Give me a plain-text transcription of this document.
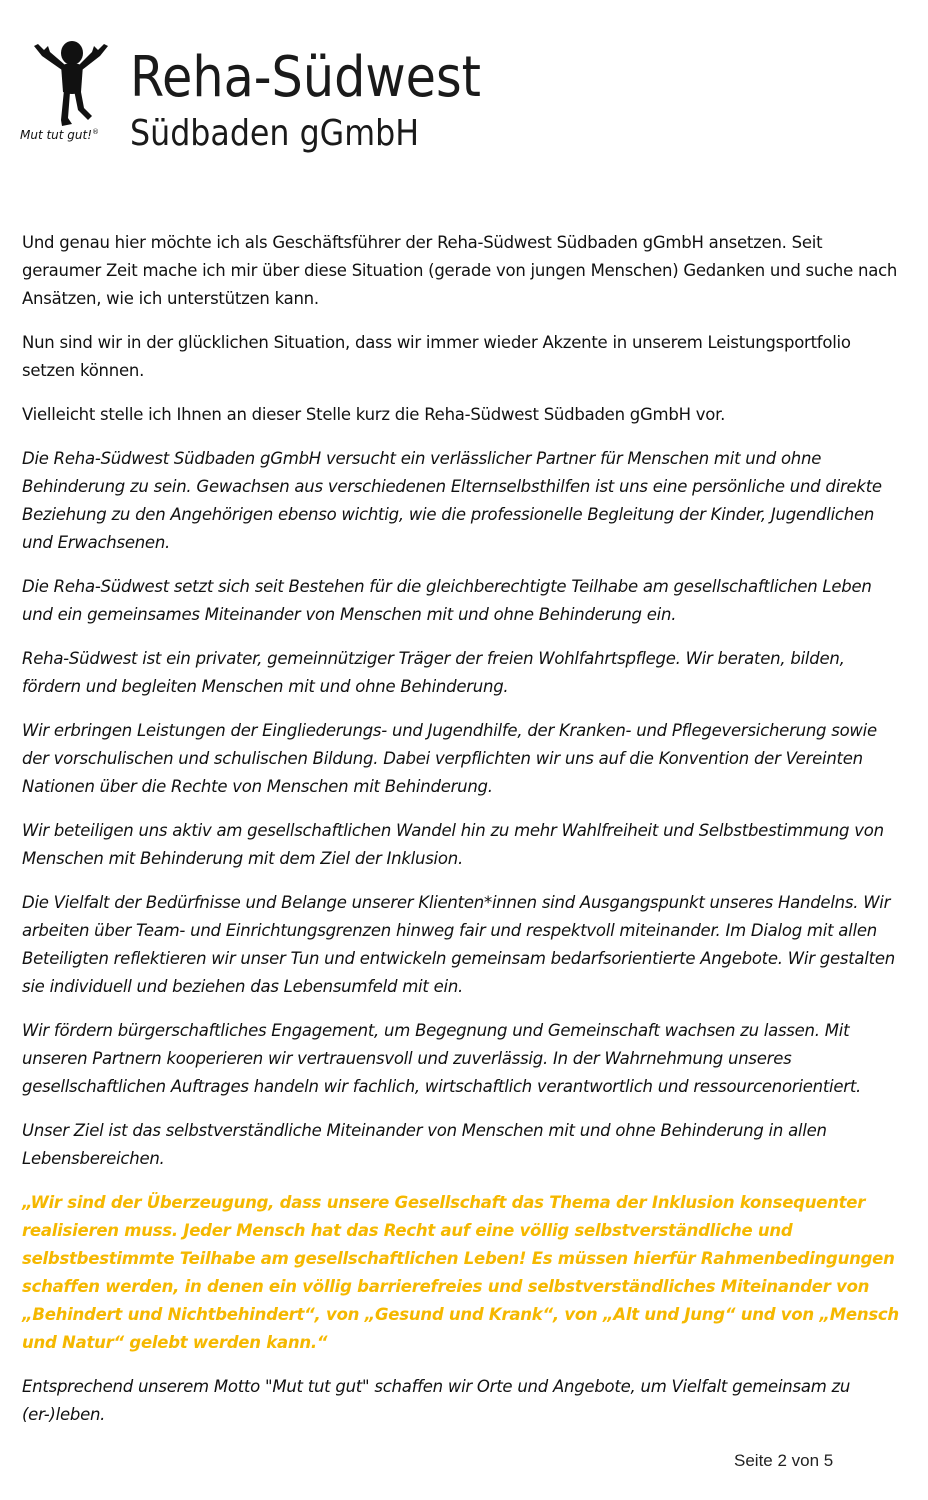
Mut tut gut!®
Reha-Südwest
Südbaden gGmbH

Und genau hier möchte ich als Geschäftsführer der Reha-Südwest Südbaden gGmbH ansetzen. Seit geraumer Zeit mache ich mir über diese Situation (gerade von jungen Menschen) Gedanken und suche nach Ansätzen, wie ich unterstützen kann.

Nun sind wir in der glücklichen Situation, dass wir immer wieder Akzente in unserem Leistungsportfolio setzen können.

Vielleicht stelle ich Ihnen an dieser Stelle kurz die Reha-Südwest Südbaden gGmbH vor.

Die Reha-Südwest Südbaden gGmbH versucht ein verlässlicher Partner für Menschen mit und ohne Behinderung zu sein. Gewachsen aus verschiedenen Elternselbsthilfen ist uns eine persönliche und direkte Beziehung zu den Angehörigen ebenso wichtig, wie die professionelle Begleitung der Kinder, Jugendlichen und Erwachsenen.

Die Reha-Südwest setzt sich seit Bestehen für die gleichberechtigte Teilhabe am gesellschaftlichen Leben und ein gemeinsames Miteinander von Menschen mit und ohne Behinderung ein.

Reha-Südwest ist ein privater, gemeinnütziger Träger der freien Wohlfahrtspflege. Wir beraten, bilden, fördern und begleiten Menschen mit und ohne Behinderung.

Wir erbringen Leistungen der Eingliederungs- und Jugendhilfe, der Kranken- und Pflegeversicherung sowie der vorschulischen und schulischen Bildung. Dabei verpflichten wir uns auf die Konvention der Vereinten Nationen über die Rechte von Menschen mit Behinderung.

Wir beteiligen uns aktiv am gesellschaftlichen Wandel hin zu mehr Wahlfreiheit und Selbstbestimmung von Menschen mit Behinderung mit dem Ziel der Inklusion.

Die Vielfalt der Bedürfnisse und Belange unserer Klienten*innen sind Ausgangspunkt unseres Handelns. Wir arbeiten über Team- und Einrichtungsgrenzen hinweg fair und respektvoll miteinander. Im Dialog mit allen Beteiligten reflektieren wir unser Tun und entwickeln gemeinsam bedarfsorientierte Angebote. Wir gestalten sie individuell und beziehen das Lebensumfeld mit ein.

Wir fördern bürgerschaftliches Engagement, um Begegnung und Gemeinschaft wachsen zu lassen. Mit unseren Partnern kooperieren wir vertrauensvoll und zuverlässig. In der Wahrnehmung unseres gesellschaftlichen Auftrages handeln wir fachlich, wirtschaftlich verantwortlich und ressourcenorientiert.

Unser Ziel ist das selbstverständliche Miteinander von Menschen mit und ohne Behinderung in allen Lebensbereichen.

„Wir sind der Überzeugung, dass unsere Gesellschaft das Thema der Inklusion konsequenter realisieren muss. Jeder Mensch hat das Recht auf eine völlig selbstverständliche und selbstbestimmte Teilhabe am gesellschaftlichen Leben! Es müssen hierfür Rahmenbedingungen schaffen werden, in denen ein völlig barrierefreies und selbstverständliches Miteinander von „Behindert und Nichtbehindert“, von „Gesund und Krank“, von „Alt und Jung“ und von „Mensch und Natur“ gelebt werden kann.“

Entsprechend unserem Motto "Mut tut gut" schaffen wir Orte und Angebote, um Vielfalt gemeinsam zu (er-)leben.

Seite 2 von 5
